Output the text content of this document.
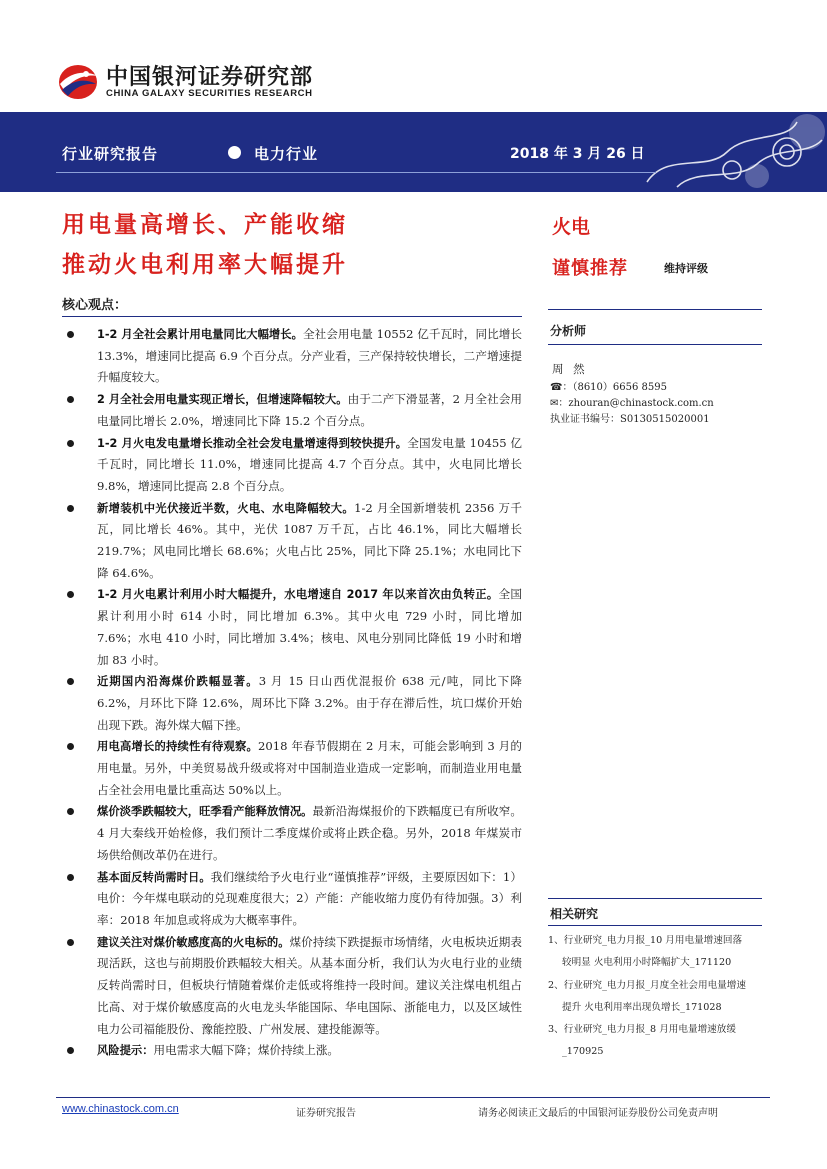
中国银河证券研究部
CHINA GALAXY SECURITIES RESEARCH
行业研究报告	电力行业	2018 年 3 月 26 日
用电量高增长、产能收缩
推动火电利用率大幅提升
火电
谨慎推荐	维持评级
核心观点：
1-2 月全社会累计用电量同比大幅增长。全社会用电量 10552 亿千瓦时，同比增长 13.3%，增速同比提高 6.9 个百分点。分产业看，三产保持较快增长，二产增速提升幅度较大。
2 月全社会用电量实现正增长，但增速降幅较大。由于二产下滑显著，2 月全社会用电量同比增长 2.0%，增速同比下降 15.2 个百分点。
1-2 月火电发电量增长推动全社会发电量增速得到较快提升。全国发电量 10455 亿千瓦时，同比增长 11.0%，增速同比提高 4.7 个百分点。其中，火电同比增长 9.8%，增速同比提高 2.8 个百分点。
新增装机中光伏接近半数，火电、水电降幅较大。1-2 月全国新增装机 2356 万千瓦，同比增长 46%。其中，光伏 1087 万千瓦，占比 46.1%，同比大幅增长 219.7%；风电同比增长 68.6%；火电占比 25%，同比下降 25.1%；水电同比下降 64.6%。
1-2 月火电累计利用小时大幅提升，水电增速自 2017 年以来首次由负转正。全国累计利用小时 614 小时，同比增加 6.3%。其中火电 729 小时，同比增加 7.6%；水电 410 小时，同比增加 3.4%；核电、风电分别同比降低 19 小时和增加 83 小时。
近期国内沿海煤价跌幅显著。3 月 15 日山西优混报价 638 元/吨，同比下降 6.2%，月环比下降 12.6%，周环比下降 3.2%。由于存在滞后性，坑口煤价开始出现下跌。海外煤大幅下挫。
用电高增长的持续性有待观察。2018 年春节假期在 2 月末，可能会影响到 3 月的用电量。另外，中美贸易战升级或将对中国制造业造成一定影响，而制造业用电量占全社会用电量比重高达 50%以上。
煤价淡季跌幅较大，旺季看产能释放情况。最新沿海煤报价的下跌幅度已有所收窄。4 月大秦线开始检修，我们预计二季度煤价或将止跌企稳。另外，2018 年煤炭市场供给侧改革仍在进行。
基本面反转尚需时日。我们继续给予火电行业“谨慎推荐”评级，主要原因如下：1）电价：今年煤电联动的兑现难度很大；2）产能：产能收缩力度仍有待加强。3）利率：2018 年加息或将成为大概率事件。
建议关注对煤价敏感度高的火电标的。煤价持续下跌提振市场情绪，火电板块近期表现活跃，这也与前期股价跌幅较大相关。从基本面分析，我们认为火电行业的业绩反转尚需时日，但板块行情随着煤价走低或将维持一段时间。建议关注煤电机组占比高、对于煤价敏感度高的火电龙头华能国际、华电国际、浙能电力，以及区域性电力公司福能股份、豫能控股、广州发展、建投能源等。
风险提示：用电需求大幅下降；煤价持续上涨。
分析师
周 然
☎：（8610）6656 8595
✉：zhouran@chinastock.com.cn
执业证书编号：S0130515020001
相关研究
1、行业研究_电力月报_10 月用电量增速回落
较明显 火电利用小时降幅扩大_171120
2、行业研究_电力月报_月度全社会用电量增速
提升 火电利用率出现负增长_171028
3、行业研究_电力月报_8 月用电量增速放缓
_170925
www.chinastock.com.cn	证券研究报告	请务必阅读正文最后的中国银河证券股份公司免责声明
